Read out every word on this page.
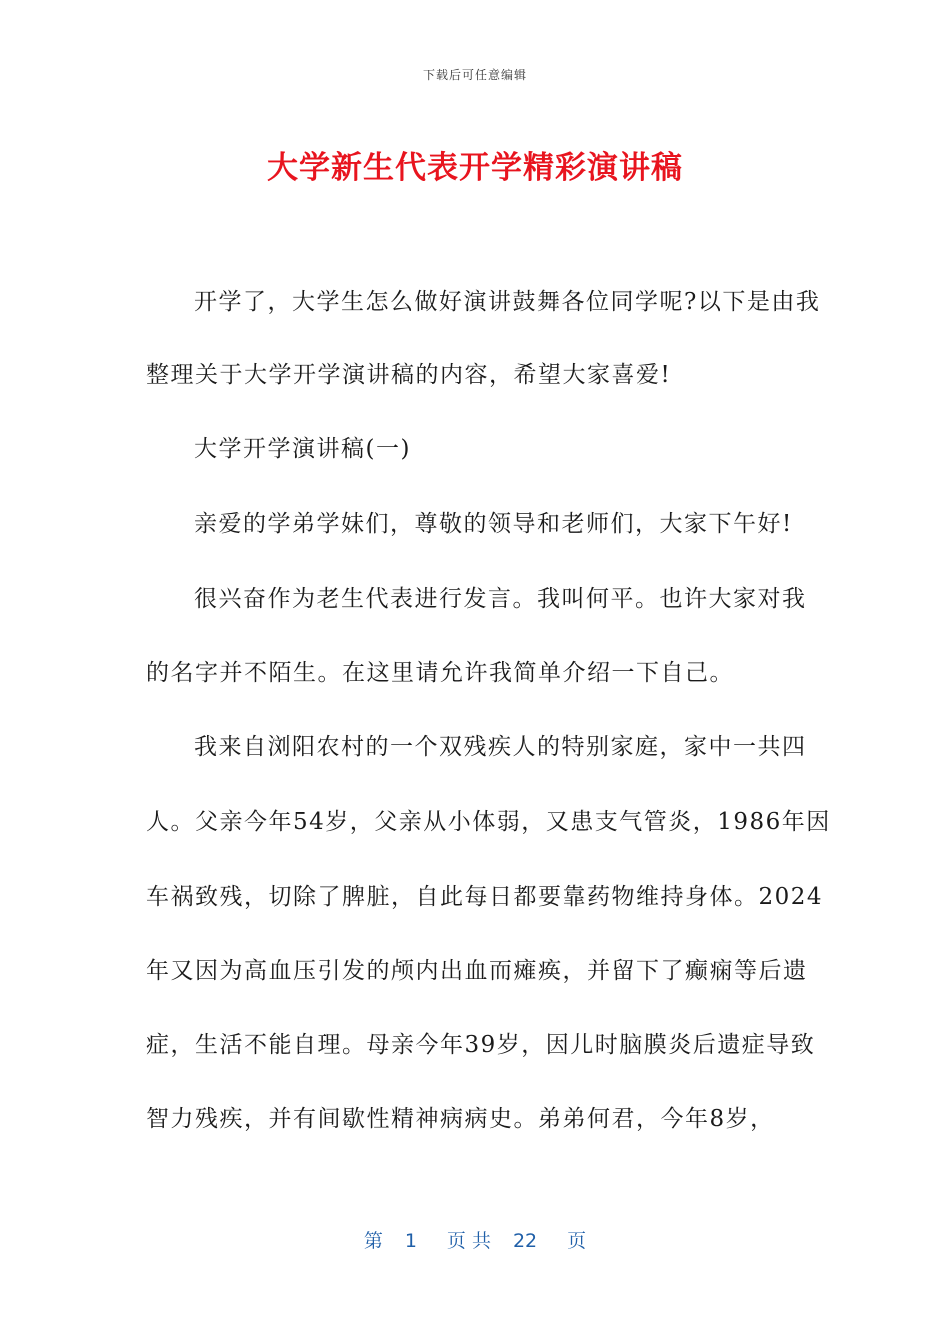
下载后可任意编辑
大学新生代表开学精彩演讲稿
开学了，大学生怎么做好演讲鼓舞各位同学呢?以下是由我
整理关于大学开学演讲稿的内容，希望大家喜爱!
大学开学演讲稿(一)
亲爱的学弟学妹们，尊敬的领导和老师们，大家下午好!
很兴奋作为老生代表进行发言。我叫何平。也许大家对我
的名字并不陌生。在这里请允许我简单介绍一下自己。
我来自浏阳农村的一个双残疾人的特别家庭，家中一共四
人。父亲今年54岁，父亲从小体弱，又患支气管炎，1986年因
车祸致残，切除了脾脏，自此每日都要靠药物维持身体。2024
年又因为高血压引发的颅内出血而瘫痪，并留下了癫痫等后遗
症，生活不能自理。母亲今年39岁，因儿时脑膜炎后遗症导致
智力残疾，并有间歇性精神病病史。弟弟何君，今年8岁，
第 1 页 共 22 页
